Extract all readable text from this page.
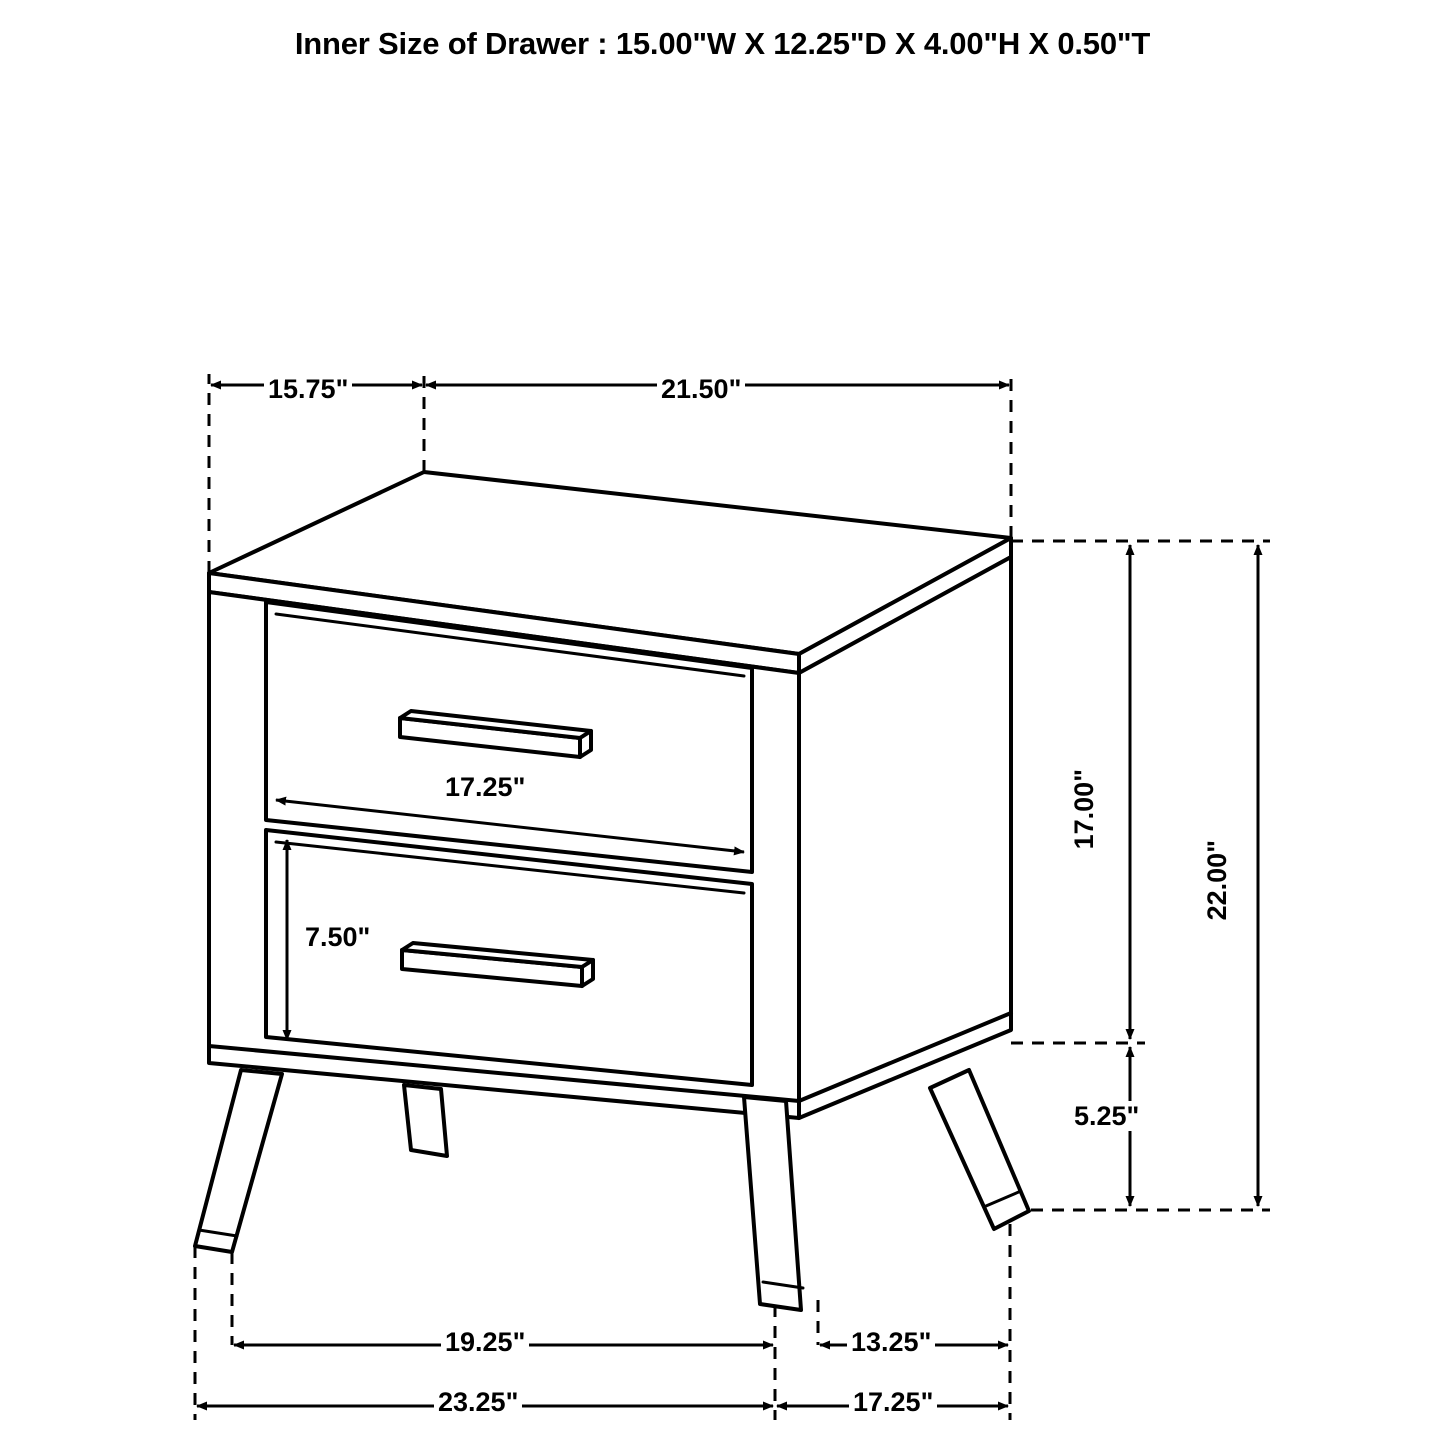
Inner Size of Drawer : 15.00"W X 12.25"D X 4.00"H X 0.50"T
15.75"	21.50"
17.25"
7.50"
17.00"
22.00"
5.25"
19.25"	13.25"
23.25"	17.25"
